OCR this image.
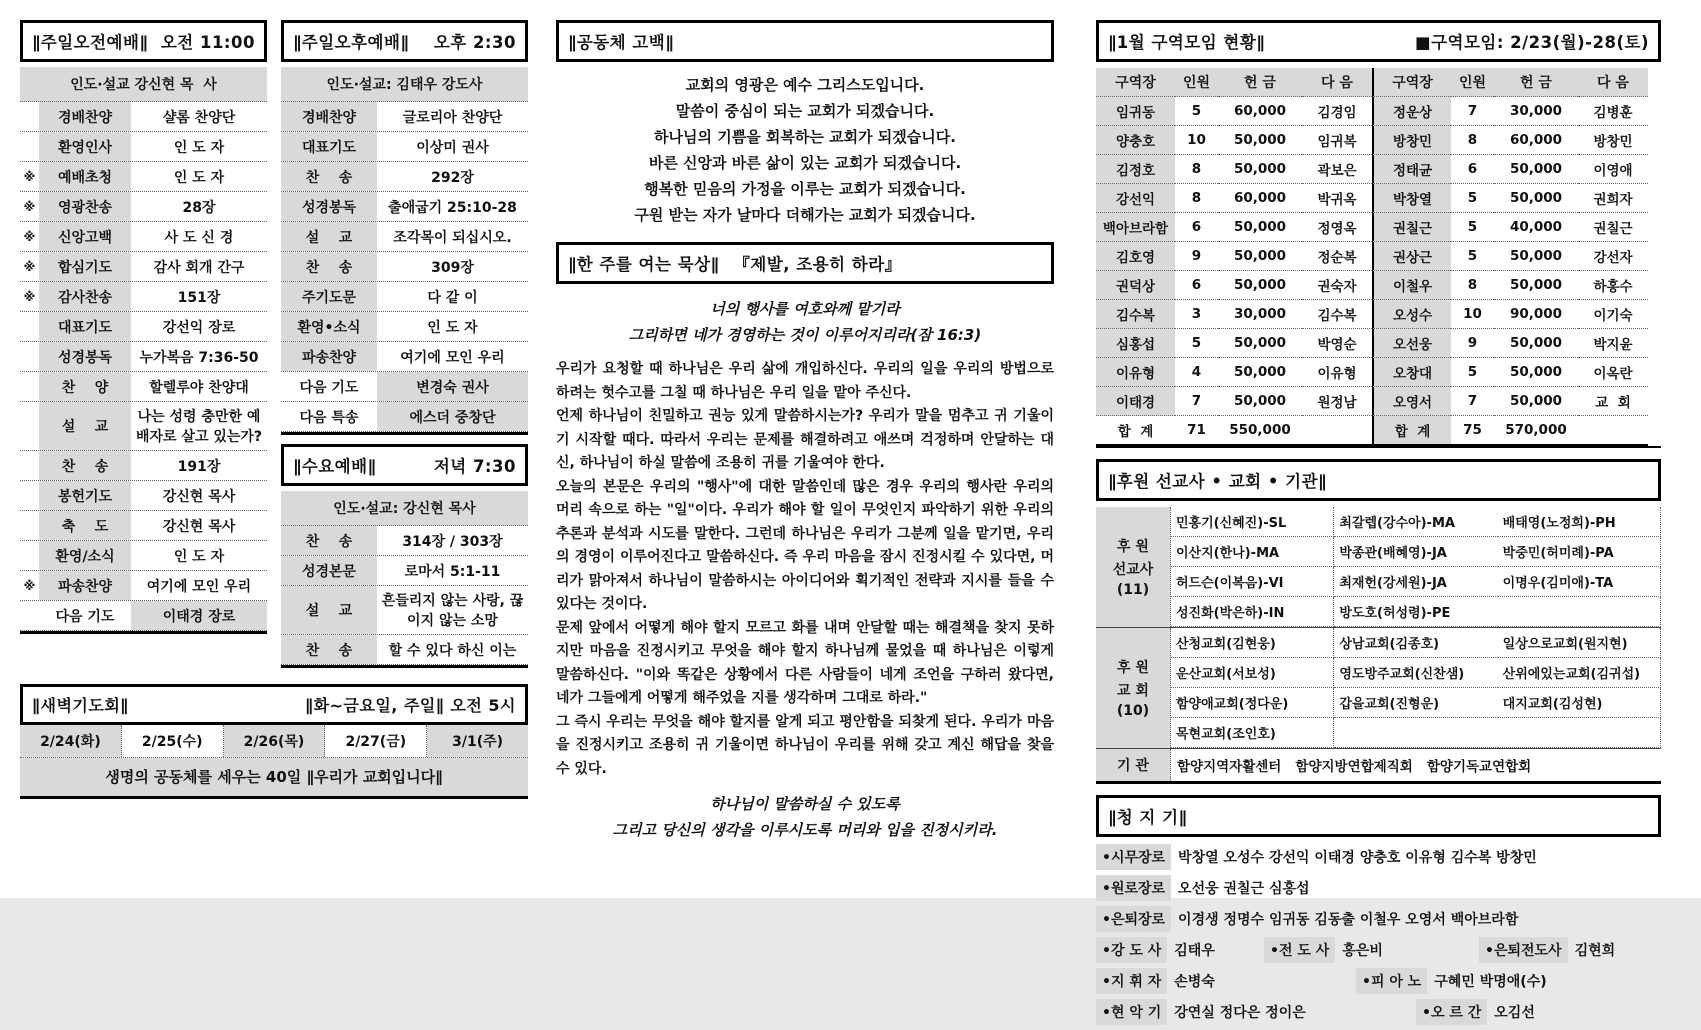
∥주일오전예배∥ 오전 11:00
인도·설교 강신현 목  사
경배찬양	샬롬 찬양단
환영인사	인 도 자
※	예배초청	인 도 자
※	영광찬송	28장
※	신앙고백	사 도 신 경
※	합심기도	감사 회개 간구
※	감사찬송	151장
대표기도	강선익 장로
성경봉독	누가복음 7:36-50
찬    양	할렐루야 찬양대
설    교
나는 성령 충만한 예배자로 살고 있는가?
찬    송	191장
봉헌기도	강신현 목사
축    도	강신현 목사
환영/소식	인 도 자
※	파송찬양	여기에 모인 우리
다음 기도	이태경 장로
∥주일오후예배∥ 오후 2:30
인도·설교: 김태우 강도사
경배찬양	글로리아 찬양단
대표기도	이상미 권사
찬    송	292장
성경봉독	출애굽기 25:10-28
설    교	조각목이 되십시오.
찬    송	309장
주기도문	다 같 이
환영•소식	인 도 자
파송찬양	여기에 모인 우리
다음 기도	변경숙 권사
다음 특송	에스더 중창단
∥수요예배∥	저녁 7:30
인도·설교: 강신현 목사
찬    송	314장 / 303장
성경본문	로마서 5:1-11
설    교
흔들리지 않는 사랑, 끊이지 않는 소망
찬    송	할 수 있다 하신 이는
∥새벽기도회∥	∥화~금요일, 주일∥ 오전 5시
2/24(화)	2/25(수)	2/26(목)	2/27(금)	3/1(주)
생명의 공동체를 세우는 40일 ∥우리가 교회입니다∥
∥공동체 고백∥
교회의 영광은 예수 그리스도입니다.
말씀이 중심이 되는 교회가 되겠습니다.
하나님의 기쁨을 회복하는 교회가 되겠습니다.
바른 신앙과 바른 삶이 있는 교회가 되겠습니다.
행복한 믿음의 가정을 이루는 교회가 되겠습니다.
구원 받는 자가 날마다 더해가는 교회가 되겠습니다.
∥한 주를 여는 묵상∥ 『제발, 조용히 하라』
너의 행사를 여호와께 맡기라
그리하면 네가 경영하는 것이 이루어지리라(잠 16:3)

우리가 요청할 때 하나님은 우리 삶에 개입하신다. 우리의 일을 우리의 방법으로 하려는 헛수고를 그칠 때 하나님은 우리 일을 맡아 주신다.

언제 하나님이 친밀하고 권능 있게 말씀하시는가? 우리가 말을 멈추고 귀 기울이기 시작할 때다. 따라서 우리는 문제를 해결하려고 애쓰며 걱정하며 안달하는 대신, 하나님이 하실 말씀에 조용히 귀를 기울여야 한다.

오늘의 본문은 우리의 "행사"에 대한 말씀인데 많은 경우 우리의 행사란 우리의 머리 속으로 하는 "일"이다. 우리가 해야 할 일이 무엇인지 파악하기 위한 우리의 추론과 분석과 시도를 말한다. 그런데 하나님은 우리가 그분께 일을 맡기면, 우리의 경영이 이루어진다고 말씀하신다. 즉 우리 마음을 잠시 진정시킬 수 있다면, 머리가 맑아져서 하나님이 말씀하시는 아이디어와 획기적인 전략과 지시를 들을 수 있다는 것이다.

문제 앞에서 어떻게 해야 할지 모르고 화를 내며 안달할 때는 해결책을 찾지 못하지만 마음을 진정시키고 무엇을 해야 할지 하나님께 물었을 때 하나님은 이렇게 말씀하신다. "이와 똑같은 상황에서 다른 사람들이 네게 조언을 구하러 왔다면, 네가 그들에게 어떻게 해주었을 지를 생각하며 그대로 하라."

그 즉시 우리는 무엇을 해야 할지를 알게 되고 평안함을 되찾게 된다. 우리가 마음을 진정시키고 조용히 귀 기울이면 하나님이 우리를 위해 갖고 계신 해답을 찾을 수 있다.

하나님이 말씀하실 수 있도록
그리고 당신의 생각을 이루시도록 머리와 입을 진정시키라.
∥1월 구역모임 현황∥	■구역모임: 2/23(월)-28(토)
구역장	인원	헌 금	다 음	구역장	인원	헌 금	다 음
임귀동	5	60,000	김경임	정운상	7	30,000	김병훈
양충호	10	50,000	임귀복	방창민	8	60,000	방창민
김정호	8	50,000	곽보은	정태균	6	50,000	이영애
강선익	8	60,000	박귀옥	박창열	5	50,000	권희자
백아브라함	6	50,000	정영옥	권칠근	5	40,000	권칠근
김호영	9	50,000	정순복	권상근	5	50,000	강선자
권덕상	6	50,000	권숙자	이철우	8	50,000	하홍수
김수복	3	30,000	김수복	오성수	10	90,000	이기숙
심홍섭	5	50,000	박영순	오선웅	9	50,000	박지윤
이유형	4	50,000	이유형	오창대	5	50,000	이옥란
이태경	7	50,000	원정남	오영서	7	50,000	교  회
합  계	71	550,000	합  계	75	570,000
∥후원 선교사 • 교회 • 기관∥
후 원
선교사
(11)
민홍기(신혜진)-SL	최갈렙(강수아)-MA	배태영(노정희)-PH
이산지(한나)-MA	박종관(배혜영)-JA	박중민(허미례)-PA
허드슨(이복음)-VI	최재헌(강세원)-JA	이명우(김미애)-TA
성진화(박은하)-IN	방도호(허성령)-PE
후 원
교 회
(10)
산청교회(김현웅)	상남교회(김종호)	일상으로교회(원지현)
운산교회(서보성)	영도방주교회(신찬샘)	산위에있는교회(김귀섭)
함양애교회(정다운)	갑을교회(진형운)	대지교회(김성현)
목현교회(조인호)
기 관	함양지역자활센터   함양지방연합제직회   함양기독교연합회
∥청 지 기∥
•시무장로 박창열 오성수 강선익 이태경 양충호 이유형 김수복 방창민
•원로장로 오선웅 권칠근 심홍섭
•은퇴장로 이경생 정명수 임귀동 김동출 이철우 오영서 백아브라함
•강 도 사 김태우	•전 도 사 홍은비	•은퇴전도사 김현희
•지 휘 자 손병숙	•피 아 노 구혜민 박명애(수)
•현 악 기 강연실 정다은 정이은	•오 르 간 오김선
